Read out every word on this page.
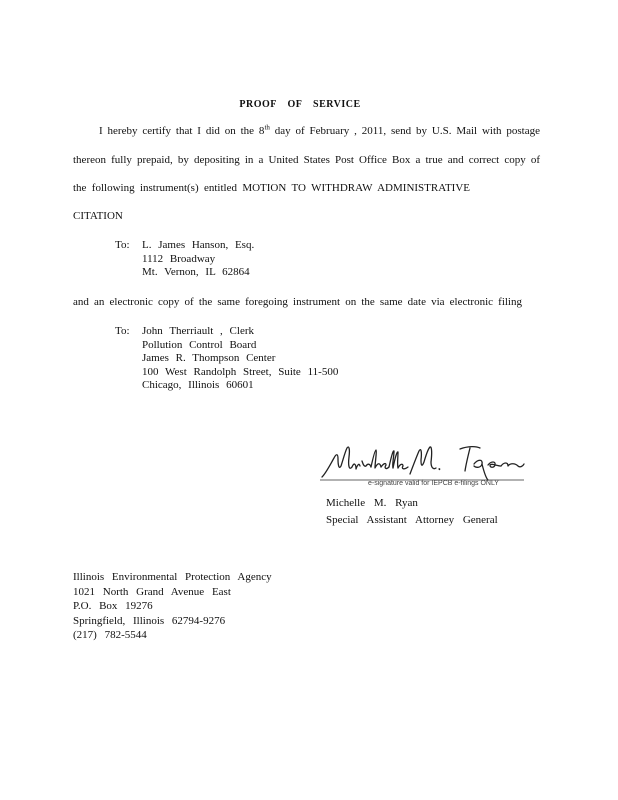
PROOF OF SERVICE
I hereby certify that I did on the 8th day of February , 2011, send by U.S. Mail with postage
thereon fully prepaid, by depositing in a United States Post Office Box a true and correct copy of
the following instrument(s) entitled MOTION TO WITHDRAW ADMINISTRATIVE
CITATION
To: L. James Hanson, Esq.
1112 Broadway
Mt. Vernon, IL 62864
and an electronic copy of the same foregoing instrument on the same date via electronic filing
To: John Therriault , Clerk
Pollution Control Board
James R. Thompson Center
100 West Randolph Street, Suite 11-500
Chicago, Illinois 60601
e-signature valid for IEPCB e-filings ONLY
Michelle M. Ryan
Special Assistant Attorney General
Illinois Environmental Protection Agency
1021 North Grand Avenue East
P.O. Box 19276
Springfield, Illinois 62794-9276
(217) 782-5544
